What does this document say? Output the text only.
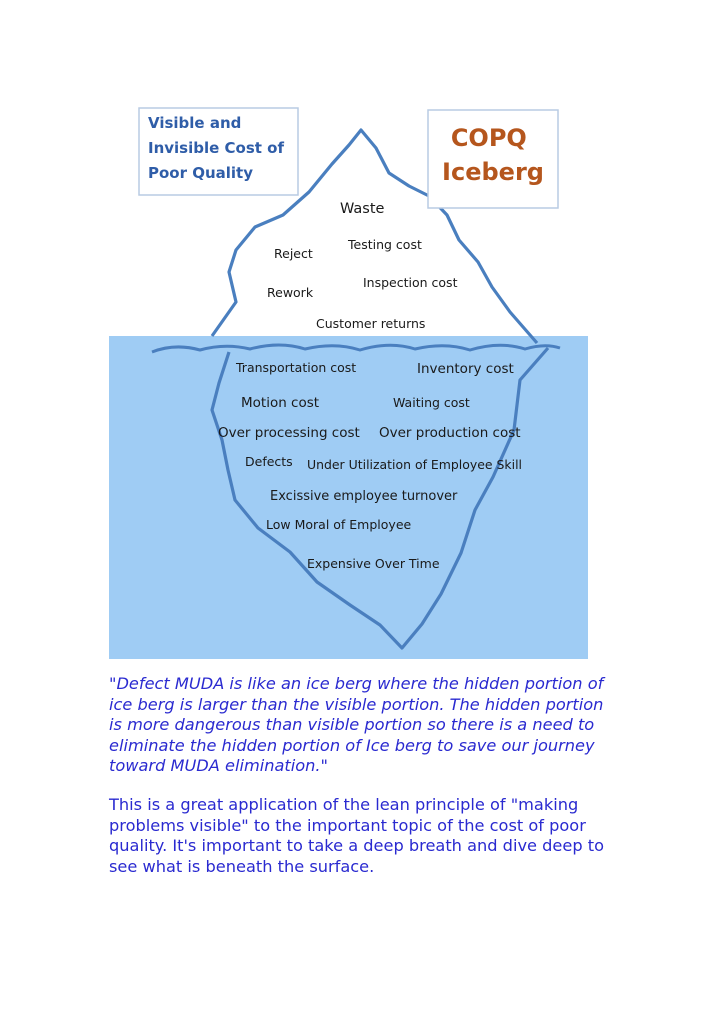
Visible and Invisible Cost of Poor Quality
COPQ Iceberg
Waste
Reject
Testing cost
Rework
Inspection cost
Customer returns
Transportation cost	Inventory cost
Motion cost	Waiting cost
Over processing cost Over production cost
Defects Under Utilization of Employee Skill
Excissive employee turnover
Low Moral of Employee
Expensive Over Time

"Defect MUDA is like an ice berg where the hidden portion of ice berg is larger than the visible portion. The hidden portion is more dangerous than visible portion so there is a need to eliminate the hidden portion of Ice berg to save our journey toward MUDA elimination."

This is a great application of the lean principle of "making problems visible" to the important topic of the cost of poor quality. It's important to take a deep breath and dive deep to see what is beneath the surface.
